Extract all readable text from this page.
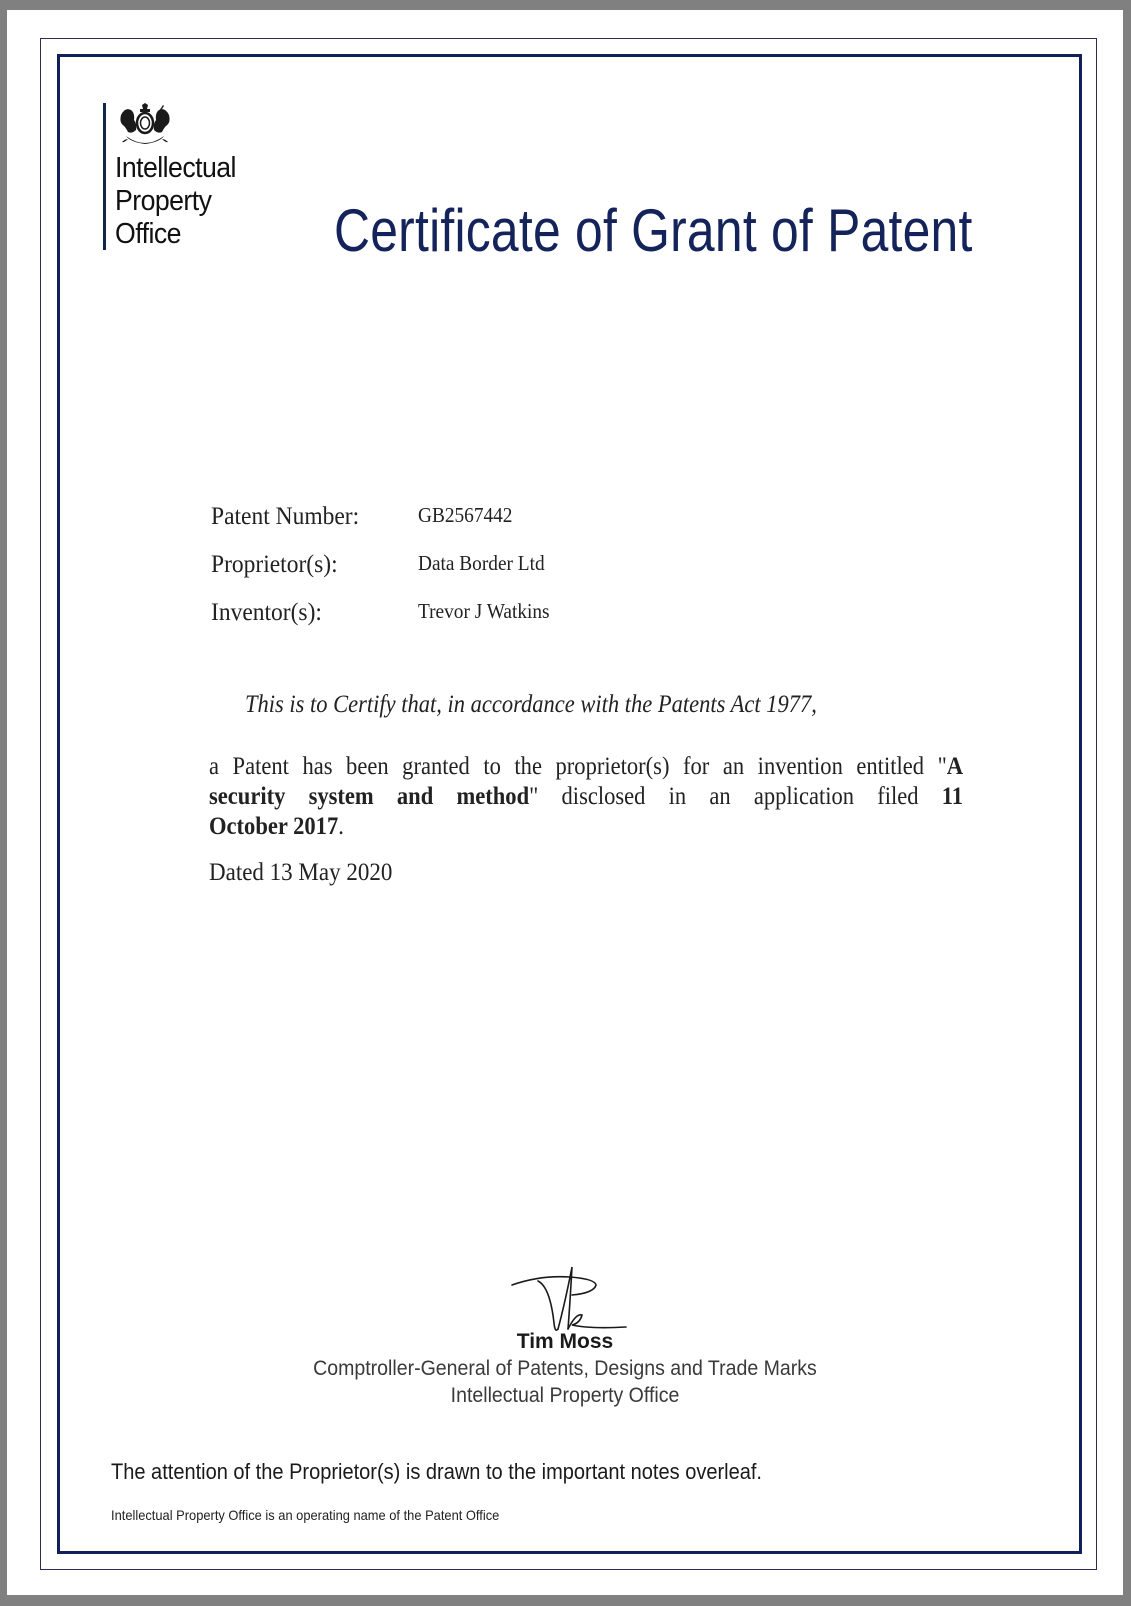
Intellectual
Property
Office	Certificate of Grant of Patent
Patent Number:	GB2567442
Proprietor(s):	Data Border Ltd
Inventor(s):	Trevor J Watkins
This is to Certify that, in accordance with the Patents Act 1977,
a Patent has been granted to the proprietor(s) for an invention entitled "A
security system and method" disclosed in an application filed 11
October 2017.
Dated 13 May 2020
Tim Moss
Comptroller-General of Patents, Designs and Trade Marks
Intellectual Property Office
The attention of the Proprietor(s) is drawn to the important notes overleaf.
Intellectual Property Office is an operating name of the Patent Office
